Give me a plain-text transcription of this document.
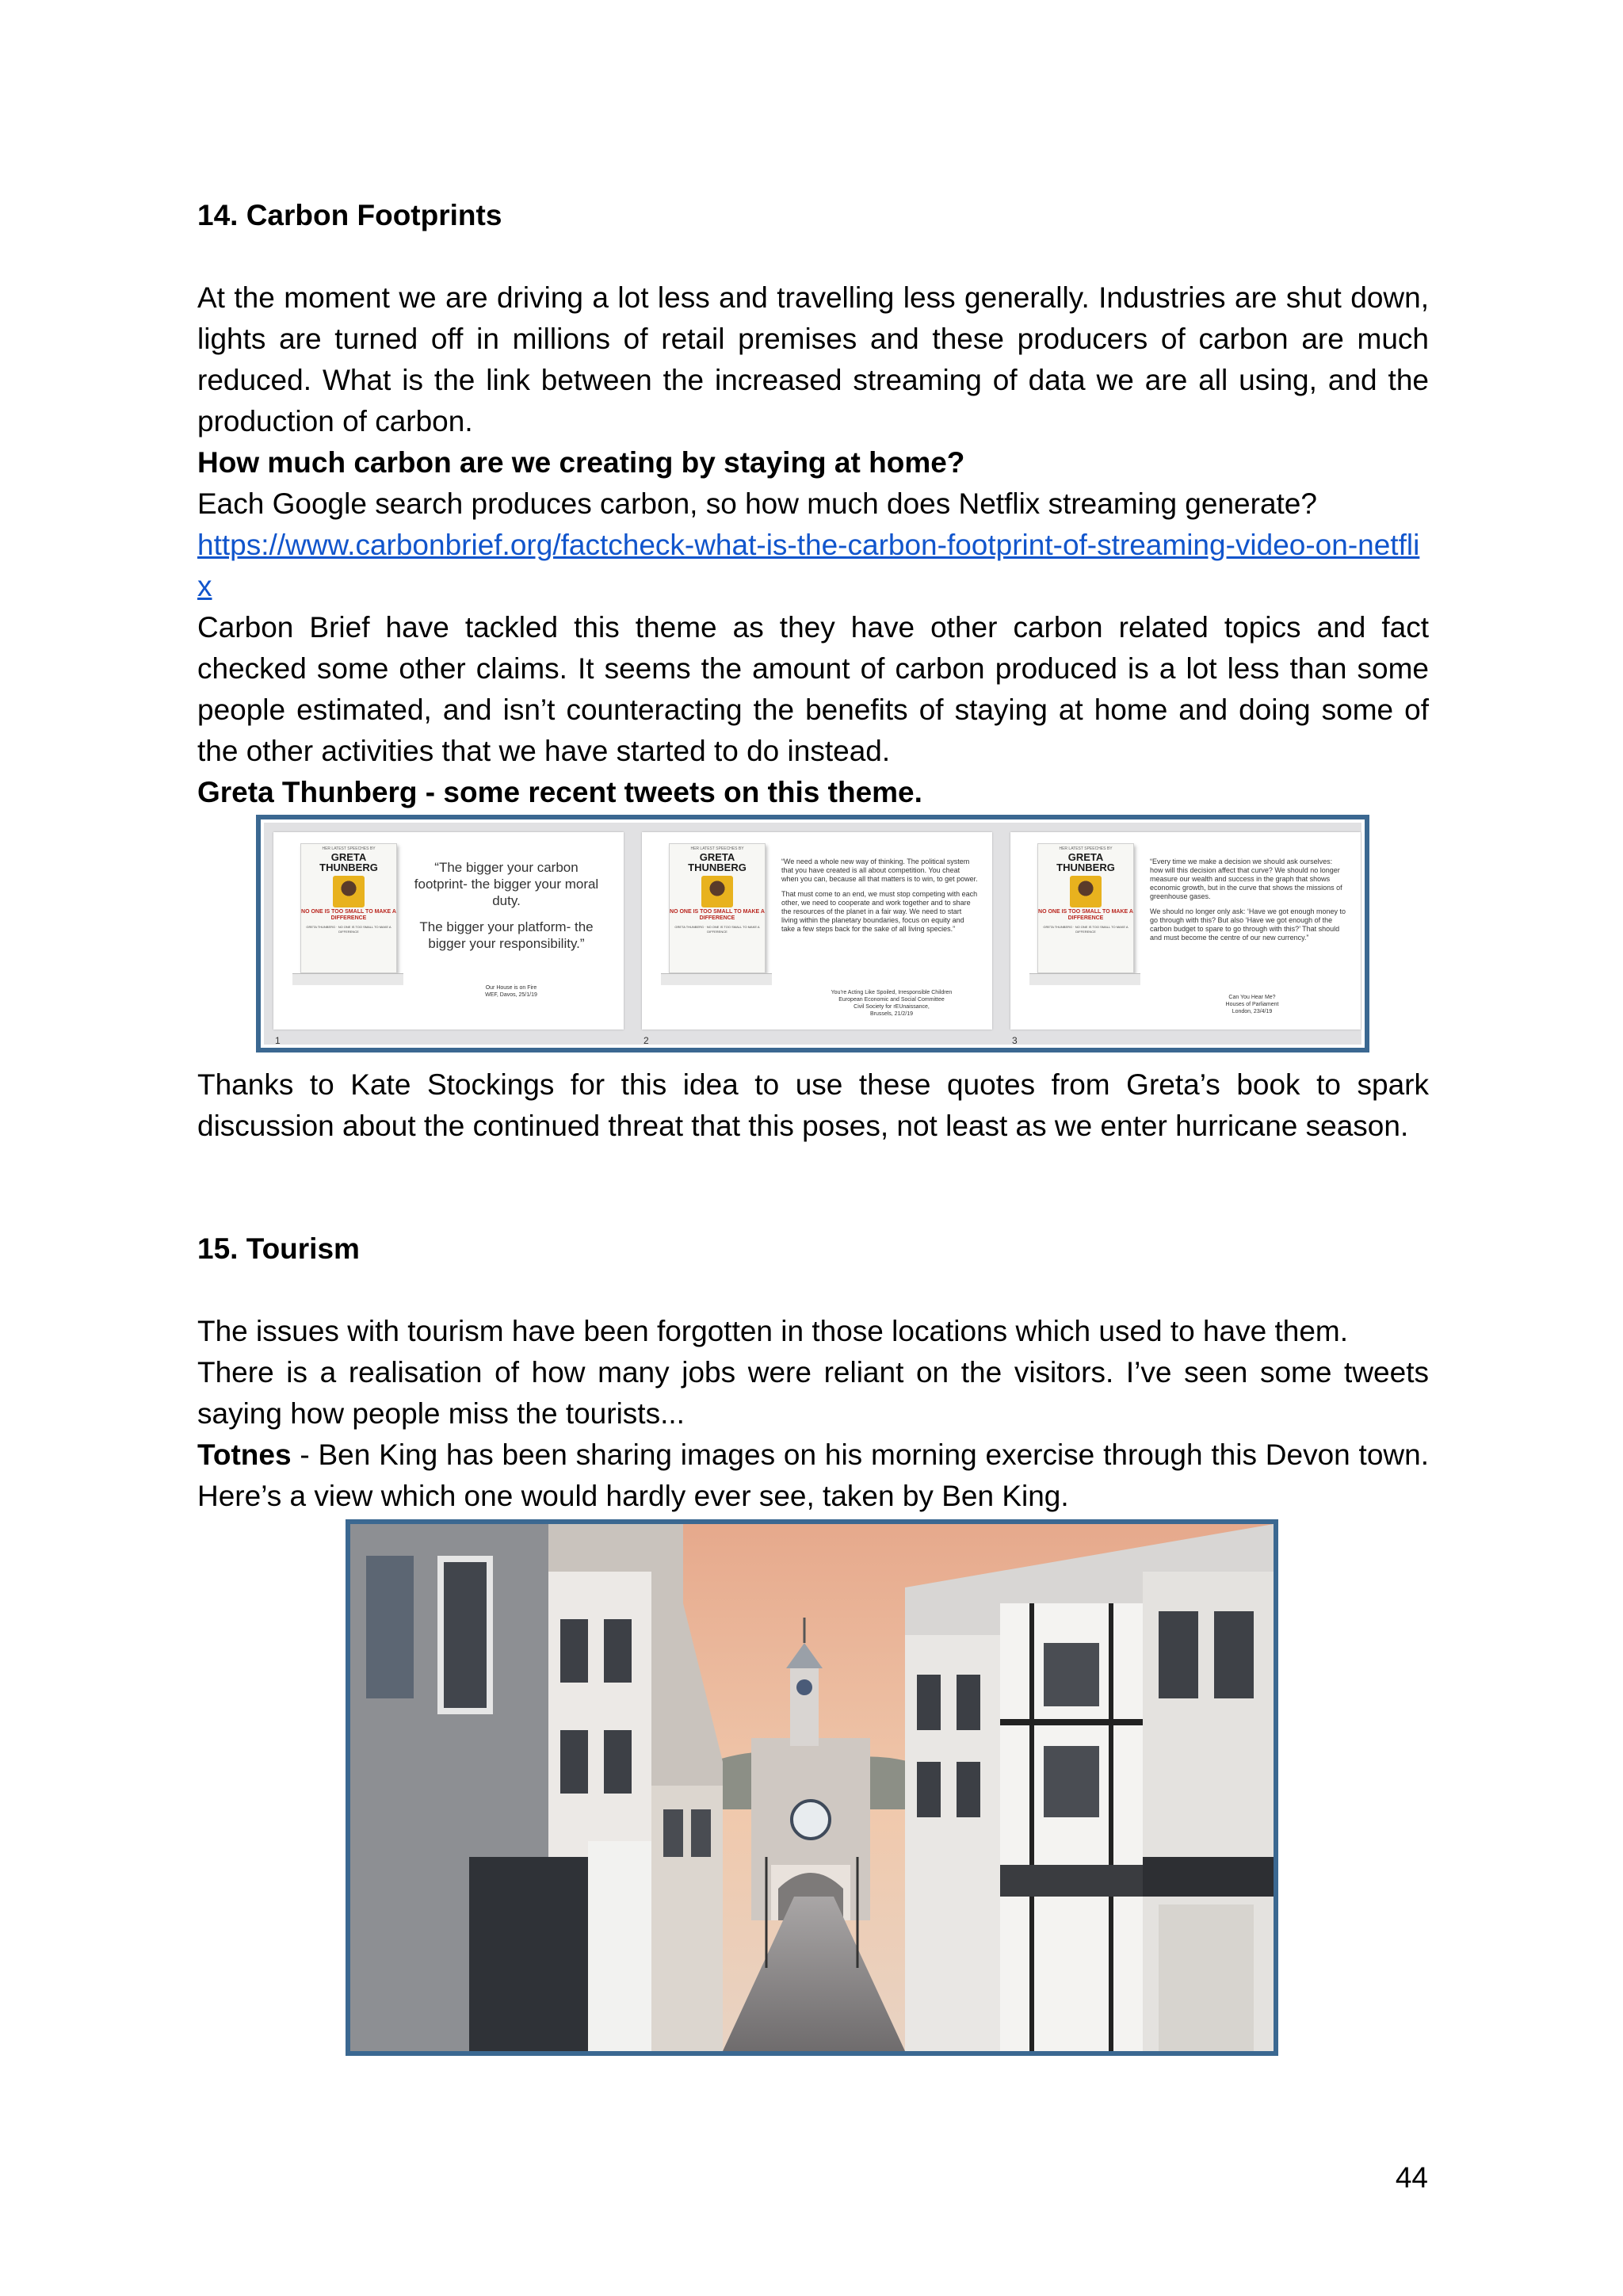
14. Carbon Footprints

At the moment we are driving a lot less and travelling less generally. Industries are shut down, lights are turned off in millions of retail premises and these producers of carbon are much reduced. What is the link between the increased streaming of data we are all using, and the production of carbon.

How much carbon are we creating by staying at home?

Each Google search produces carbon, so how much does Netflix streaming generate?

https://www.carbonbrief.org/factcheck-what-is-the-carbon-footprint-of-streaming-video-on-netflix

Carbon Brief have tackled this theme as they have other carbon related topics and fact checked some other claims. It seems the amount of carbon produced is a lot less than some people estimated, and isn’t counteracting the benefits of staying at home and doing some of the other activities that we have started to do instead.

Greta Thunberg - some recent tweets on this theme.

HER LATEST SPEECHES BY
GRETA
THUNBERG
NO ONE IS TOO SMALL TO MAKE A DIFFERENCE
GRETA THUNBERG · NO ONE IS TOO SMALL TO MAKE A DIFFERENCE

“The bigger your carbon footprint- the bigger your moral duty.

The bigger your platform- the bigger your responsibility.”

Our House is on Fire
WEF, Davos, 25/1/19
1
HER LATEST SPEECHES BY
GRETA
THUNBERG
NO ONE IS TOO SMALL TO MAKE A DIFFERENCE
GRETA THUNBERG · NO ONE IS TOO SMALL TO MAKE A DIFFERENCE

“We need a whole new way of thinking. The political system that you have created is all about competition. You cheat when you can, because all that matters is to win, to get power.

That must come to an end, we must stop competing with each other, we need to cooperate and work together and to share the resources of the planet in a fair way. We need to start living within the planetary boundaries, focus on equity and take a few steps back for the sake of all living species.”

You’re Acting Like Spoiled, Irresponsible Children
European Economic and Social Committee
Civil Society for rEUnaissance,
Brussels, 21/2/19
2
HER LATEST SPEECHES BY
GRETA
THUNBERG
NO ONE IS TOO SMALL TO MAKE A DIFFERENCE
GRETA THUNBERG · NO ONE IS TOO SMALL TO MAKE A DIFFERENCE

“Every time we make a decision we should ask ourselves: how will this decision affect that curve? We should no longer measure our wealth and success in the graph that shows economic growth, but in the curve that shows the missions of greenhouse gases.

We should no longer only ask: ‘Have we got enough money to go through with this? But also ‘Have we got enough of the carbon budget to spare to go through with this?’ That should and must become the centre of our new currency.”

Can You Hear Me?
Houses of Parliament
London, 23/4/19
3

Thanks to Kate Stockings for this idea to use these quotes from Greta’s book to spark discussion about the continued threat that this poses, not least as we enter hurricane season.

15. Tourism

The issues with tourism have been forgotten in those locations which used to have them.

There is a realisation of how many jobs were reliant on the visitors. I’ve seen some tweets saying how people miss the tourists...

Totnes - Ben King has been sharing images on his morning exercise through this Devon town. Here’s a view which one would hardly ever see, taken by Ben King.

44
